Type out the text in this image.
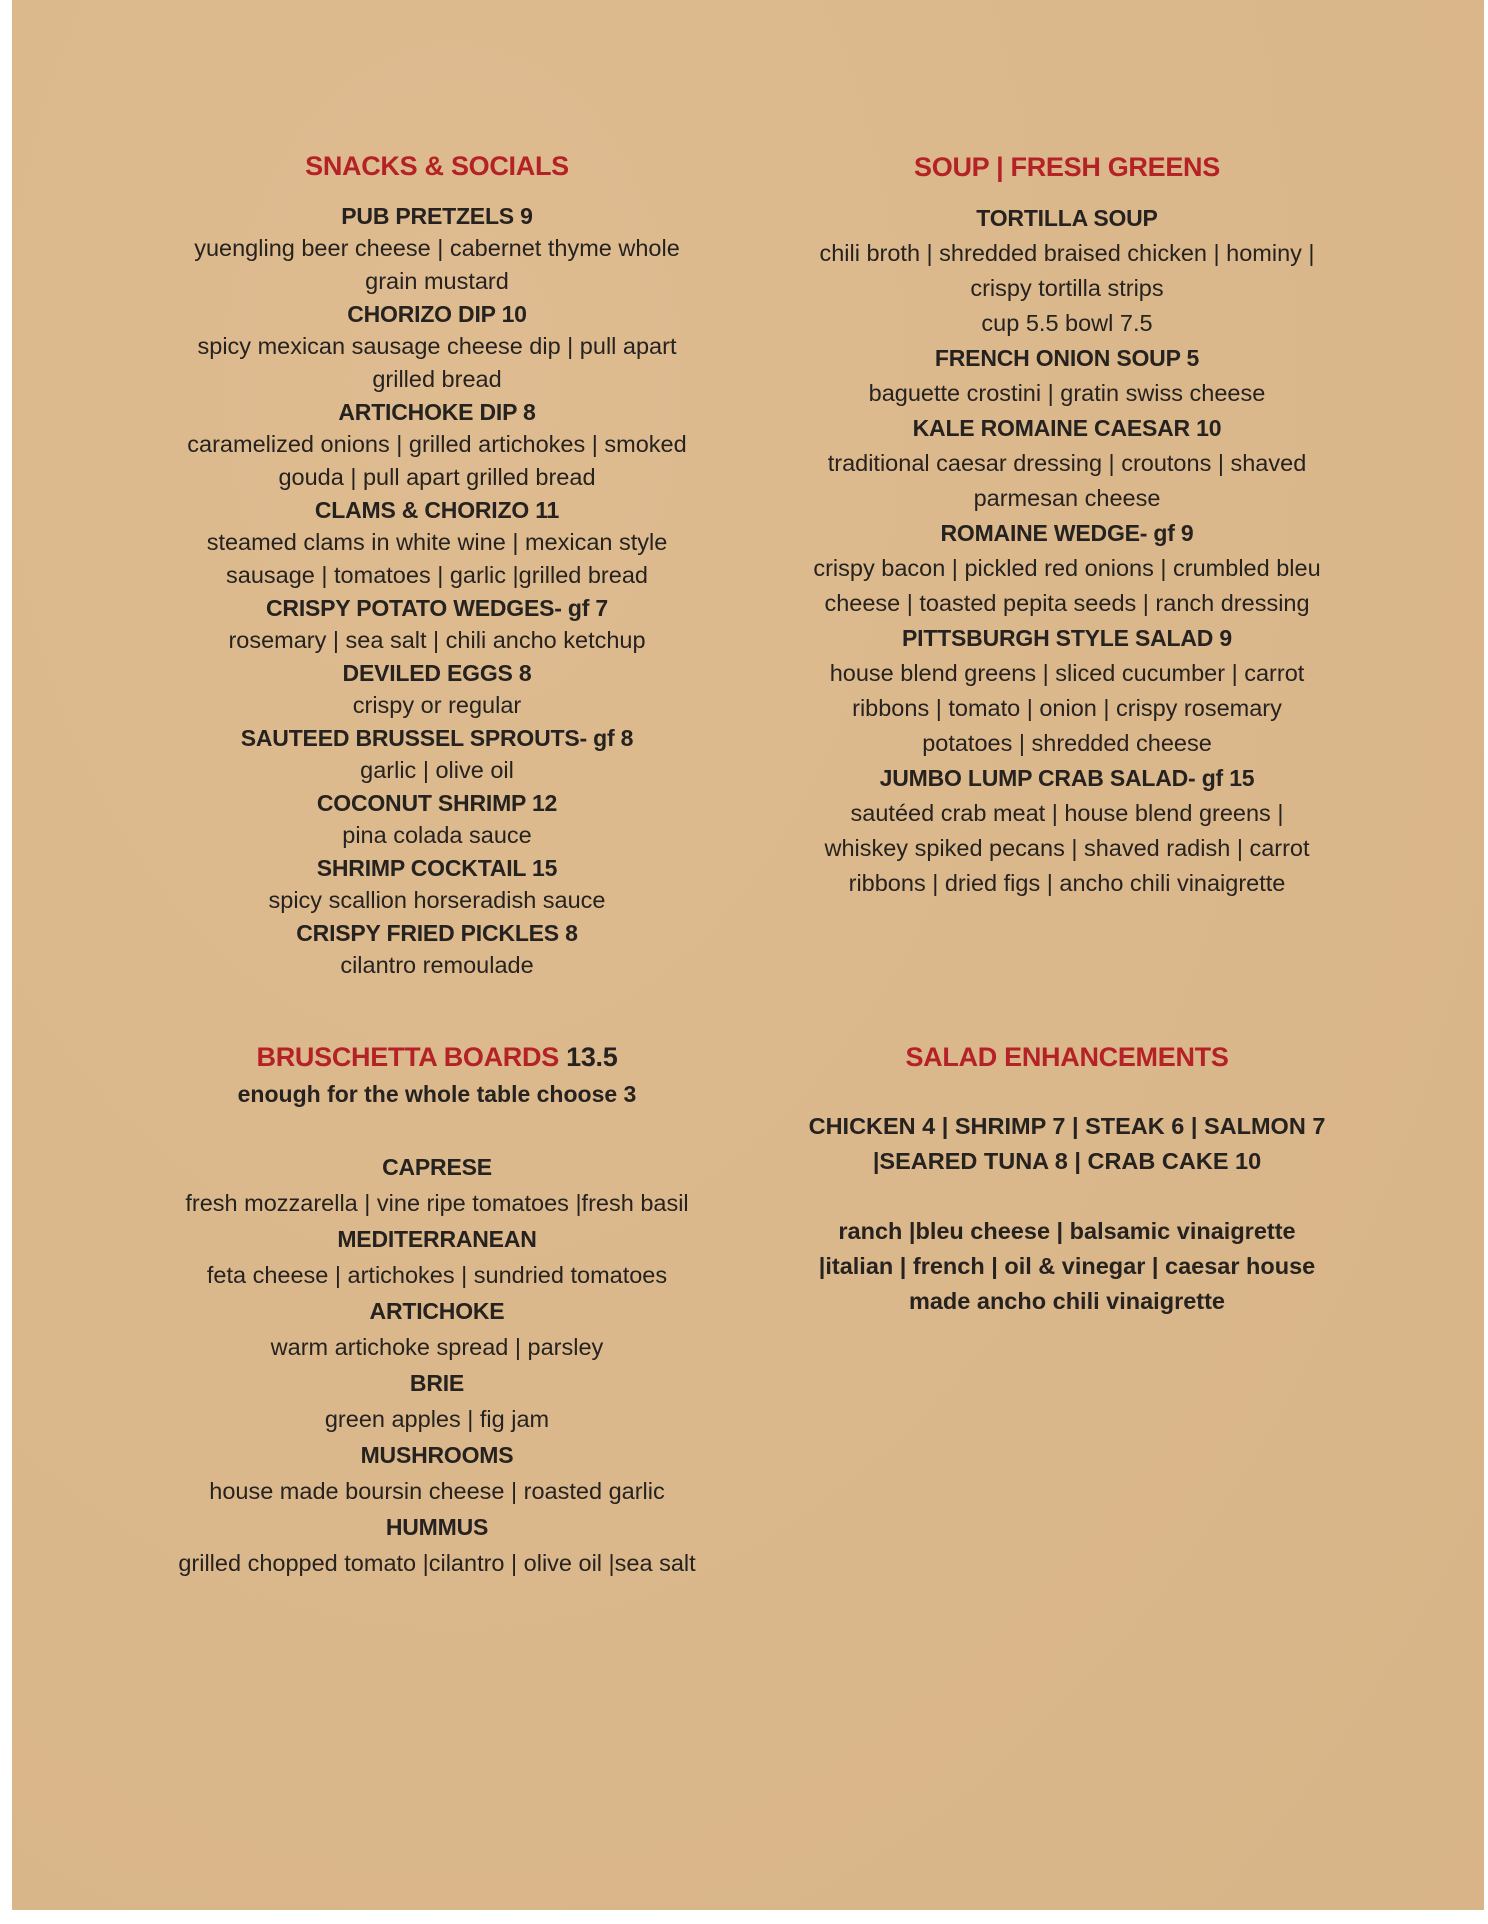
SNACKS & SOCIALS
PUB PRETZELS 9
yuengling beer cheese | cabernet thyme whole grain mustard
CHORIZO DIP 10
spicy mexican sausage cheese dip | pull apart grilled bread
ARTICHOKE DIP 8
caramelized onions | grilled artichokes | smoked gouda | pull apart grilled bread
CLAMS & CHORIZO 11
steamed clams in white wine | mexican style sausage | tomatoes | garlic |grilled bread
CRISPY POTATO WEDGES- gf 7
rosemary | sea salt | chili ancho ketchup
DEVILED EGGS 8
crispy or regular
SAUTEED BRUSSEL SPROUTS- gf 8
garlic | olive oil
COCONUT SHRIMP 12
pina colada sauce
SHRIMP COCKTAIL 15
spicy scallion horseradish sauce
CRISPY FRIED PICKLES 8
cilantro remoulade
SOUP | FRESH GREENS
TORTILLA SOUP
chili broth | shredded braised chicken | hominy | crispy tortilla strips
cup 5.5 bowl 7.5
FRENCH ONION SOUP 5
baguette crostini | gratin swiss cheese
KALE ROMAINE CAESAR 10
traditional caesar dressing | croutons | shaved parmesan cheese
ROMAINE WEDGE- gf 9
crispy bacon | pickled red onions | crumbled bleu cheese | toasted pepita seeds | ranch dressing
PITTSBURGH STYLE SALAD 9
house blend greens | sliced cucumber | carrot ribbons | tomato | onion | crispy rosemary potatoes | shredded cheese
JUMBO LUMP CRAB SALAD- gf 15
sautéed crab meat | house blend greens | whiskey spiked pecans | shaved radish | carrot ribbons | dried figs | ancho chili vinaigrette
BRUSCHETTA BOARDS 13.5
enough for the whole table choose 3
CAPRESE
fresh mozzarella | vine ripe tomatoes |fresh basil
MEDITERRANEAN
feta cheese | artichokes | sundried tomatoes
ARTICHOKE
warm artichoke spread | parsley
BRIE
green apples | fig jam
MUSHROOMS
house made boursin cheese | roasted garlic
HUMMUS
grilled chopped tomato |cilantro | olive oil |sea salt
SALAD ENHANCEMENTS
CHICKEN 4 | SHRIMP 7 | STEAK 6 | SALMON 7 |SEARED TUNA 8 | CRAB CAKE 10
ranch |bleu cheese | balsamic vinaigrette |italian | french | oil & vinegar | caesar house made ancho chili vinaigrette
